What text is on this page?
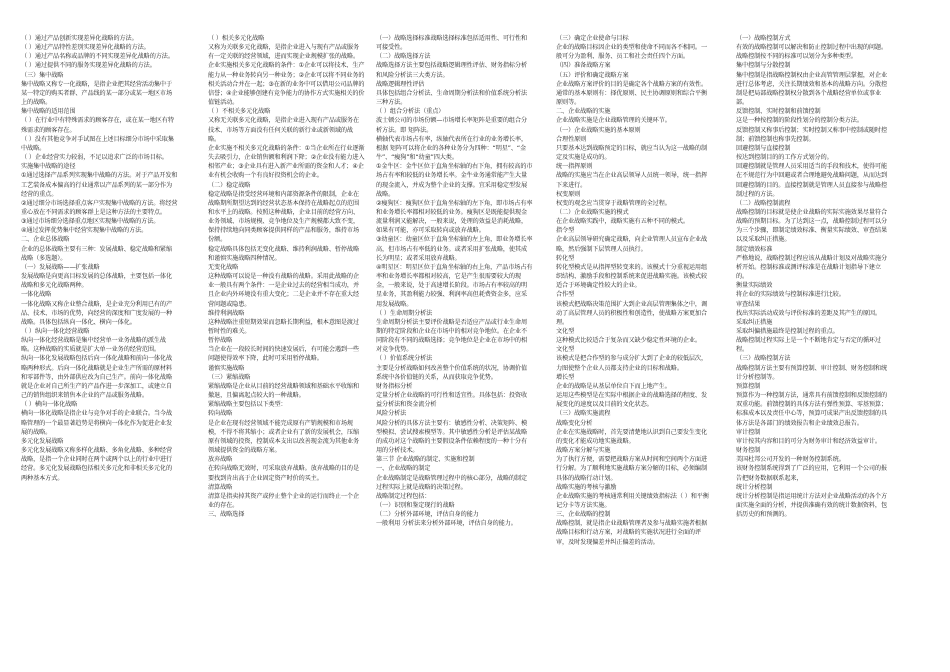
（ ）通过产品创新实现差异化战略的方法。

（ ）通过产品特性差别实现差异化战略的方法。

（ ）通过产品名称或品牌的不同实现差异化战略的方法。

（ ）通过提供不同的服务实现差异化战略的方法。

（三）集中战略

集中战略又称专一化战略，是指企业把其经营活动集中于某一特定的购买者群、产品线的某一部分或某一地区市场上的战略。

集中战略的适用范围

（ ）在行业中有特殊需求的顾客存在，或在某一地区有特殊需求的顾客存在。

（ ）没有其他竞争对手试图在上述目标细分市场中采取集中战略。

（ ）企业经营实力较弱，不足以追求广泛的市场目标。

实施集中战略的途径

①通过选择产品系列实现集中战略的方法。对于产品开发和工艺装备成本偏高的行业通常以产品系列的某一部分作为经营的重点。

②通过细分市场选择重点客户实现集中战略的方法。将经营重心放在不同需求的顾客群上是这种方法的主要特点。

③通过市场细分选择重点地区实现集中战略的方法。

④通过发挥优势集中经营实现集中战略的方法。

二、企业总体战略

企业的总体战略主要有三种：发展战略、稳定战略和紧缩战略（多选题）。

（一）发展战略——扩张战略

发展战略是向更高目标发展的总体战略，主要包括一体化战略和多元化战略两种。

一体化战略

一体化战略又称企业整合战略，是企业充分利用已有的产品、技术、市场的优势，向经营的深度和广度发展的一种战略。具体包括纵向一体化、横向一体化。

（ ）纵向一体化经营战略

纵向一体化经营战略是集中经营单一业务战略的派生战略。这种战略的实质就是扩大单一业务的经营范围。

纵向一体化发展战略包括后向一体化战略和前向一体化战略两种形式。后向一体化战略就是企业生产所需的原材料和零部件等，由外部供应改为自己生产。前向一体化战略就是企业对自己所生产的产品作进一步深加工，或建立自己的销售组织来销售本企业的产品或服务战略。

（ ）横向一体化战略

横向一体化战略是指企业与竞争对手的企业联合。当今战略管理的一个最显著趋势是将横向一体化作为促进企业发展的战略。

多元化发展战略

多元化发展战略又称多样化战略、多角化战略、多种经营战略，是指一个企业同时在两个或两个以上的行业中进行经营。多元化发展战略包括相关多元化和非相关多元化的两种基本方式。

（ ）相关多元化战略

又称为关联多元化战略，是指企业进入与现有产品或服务有一定关联的经营领域，进而实现企业规模扩张的战略。

企业实施相关多元化战略的条件：①企业可以将技术、生产能力从一种业务转向另一种业务；②企业可以将不同业务的相关活动合并在一起；③在新的业务中可以借用公司品牌的信誉；④企业能够创建有竞争能力的协作方式实施相关的价值链活动。

（ ）不相关多元化战略

又称无关联多元化战略，是指企业进入现有产品或服务在技术、市场等方面没有任何关联的新行业或新领域的战略。

企业实施不相关多元化战略的条件：①当企业所在行业逐渐失去吸引力，企业销售额和利润下降；②企业没有能力进入相邻产业；③企业具有进入新产业所需的资金和人才；④企业有机会收购一个有良好投资机会的企业。

（二）稳定战略

稳定战略是指受经营环境和内部资源条件的限制，企业在战略期所期望达到的经营状态基本保持在战略起点的范围和水平上的战略。按照这种战略，企业目前的经营方向、业务领域、市场规模、竞争地位及生产规模都大致不变，保持持续地向同类顾客提供同样的产品和服务，维持市场份额。

稳定战略具体包括无变化战略、维持利润战略、暂停战略和谨慎实施战略四种情况。

无变化战略

这种战略可以说是一种没有战略的战略。采用此战略的企业一般具有两个条件：一是企业过去的经营相当成功，并且企业内外环境没有重大变化；二是企业并不存在重大经营问题或隐患。

维持利润战略

这种战略注重短期效果而忽略长期利益，根本意图是渡过暂时性的难关。

暂停战略

当企业在一段较长时间的快速发展后，有可能会遇到一些问题使得效率下降，此时可采用暂停战略。

谨慎实施战略

（三）紧缩战略

紧缩战略是企业从目前的经营战略领域和基础水平收缩和撤退，且偏离起点较大的一种战略。

紧缩战略主要包括以下类型：

转向战略

是企业在现有经营领域不能完成原有产销规模和市场规模，不得不将其缩小；或者企业有了新的发展机会，压缩原有领域的投资，控制成本支出以改善现金流为其他业务领域提供资金的战略方案。

放弃战略

在转向战略无效时，可采取放弃战略。放弃战略的目的是要找到肯出高于企业固定资产时价的买主。

清算战略

清算是指卖掉其资产或停止整个企业的运行而终止一个企业的存在。

三、战略选择

（一）战略选择标准战略选择标准包括适用性、可行性和可接受性。

（二）战略选择方法

战略选择方法主要包括战略逻辑理性评估、财务指标分析和风险分析法三大类方法。

战略逻辑理性评估

具体包括组合分析法、生命周期分析法和价值系统分析法三种方法。

（ ）组合分析法（重点）

波士顿公司的市场份额—市场增长率矩阵是重要的组合分析方法。即 矩阵法。

横轴代表市场占有率，纵轴代表所在行业的业务增长率，根据 矩阵可以将企业的各种业务分为四种：“明星”、“金牛”、“瘦狗”和“幼童”四大类。

①金牛区：金牛区位于直角坐标轴的右下角，拥有较高的市场占有率和较低的业务增长率。金牛业务通常能产生大量的现金流入，并成为整个企业的支撑。宜采用稳定型发展战略。

②瘦狗区：瘦狗区位于直角坐标轴的左下角，即市场占有率和业务增长率都相对较低的业务。瘦狗区是既能提供现金流量利润又能解决，一般来说，处理的效益是消耗战略，如果有可能，亦可采取转向或放弃战略。

③幼童区：幼童区位于直角坐标轴的左上角，即业务增长率高，但市场占有率低的业务。或者采用扩张战略，使其成长为明星；或者采用放弃战略。

④明星区：明星区位于直角坐标轴的右上角，产品市场占有率和业务增长率都相对较高，它是产生很需要较大的现金，一般来说，处于高速增长阶段。市场占有率较高的明星业务，其盈利能力较强、利润率高但耗费资金多，应采用发展战略。

（ ）生命周期分析法

生命周期分析法主要评价战略是否适应产品或行业生命周期的特定阶段和企业在市场中的相对竞争地位。在企业不同阶段有不同的战略选择；竞争地位是企业在市场中的相对竞争优势。

（ ）价值系统分析法

主要是分析战略如何改善整个价值系统的状况，协调价值系统中各价值链的关系，从而获取竞争优势。

财务指标分析

定量分析企业战略的可行性和适宜性。具体包括：投资收益分析法和资金流分析

风险分析法

风险分析的具体方法主要有：敏感性分析、决策矩阵、模型模拟、尝试搜索模型等。其中敏感性分析是评估某战略的成功对这个战略的主要假设条件依赖程度的一种十分有用的分析技术。

第三节 企业战略的制定、实施和控制

一、企业战略的制定

企业战略制定是战略管理过程中的核心部分，战略的制定过程实际上就是战略的决策过程。

战略制定过程包括：

（一）识别和鉴定现行的战略

（二）分析外部环境，评估自身的能力

一般利用 分析法来分析外部环境，评估自身的能力。

（三）确定企业使命与目标

企业的战略目标因企业的类型和使命不同而各不相同。一般可分为盈利、服务、员工和社会责任四个方面。

（四）准备战略方案

（五）评价和确定战略方案

企业战略方案评价的目的是确定各个战略方案的有效性。通常的基本原则有：择优原则、民主协调原则和综合平衡原则等。

二、企业战略的实施

企业战略实施是企业战略管理的关键环节。

（一）企业战略实施的基本原则

合理性原则

只要基本达到战略预定的目标，就应当认为这一战略的制定及实施是成功的。

统一指挥原则

战略的实施应当在企业高层领导人员统一领导，统一指挥下来进行。

权变原则

权变的观念应当贯穿于战略管理的全过程。

（二）企业战略实施的模式

在企业战略实践中，战略实施有五种不同的模式。

指令型

企业高层领导研究确定战略，向企业管理人员宣布企业战略，然后强制下层管理人员执行。

转化型

转化型模式是从指挥型转变来的。该模式十分重视运用组织结构、激励手段和控制系统来促进战略实施。该模式较适合于环境确定性较大的企业。

合作型

该模式把战略决策范围扩大到企业高层管理集体之中，调动了高层管理人员的积极性和创造性，使战略方案更加合理。

文化型

这种模式比较适合于复杂而又缺少稳定性环境的企业。

文化型

该模式是把合作型的参与成分扩大到了企业的较低层次，力图使整个企业人员都支持企业的目标和战略。

增长型

企业的战略是从基层单位自下而上地产生。

运用这些模型是在实际中根据企业的战略选择的程度、发展变化的速度以及目前的文化状态。

（三）战略实施流程

战略变化分析

企业在实施战略时，首先要清楚地认识到自己要发生变化的变化才能成功地实施战略。

战略方案分解与实施

为了执行方便，需要把战略方案从时间和空间两个方面进行分解。为了顺利地实施战略方案分解的目标，必须编制具体的战略行动计划。

战略实施的考核与激励

企业战略实施的考核通常利用关键绩效指标法（ ）和平衡记分卡等方法实施。

三、企业战略的控制

战略控制，就是指企业战略管理者及参与战略实施者根据战略目标和行动方案，对战略的实施状况进行全面的评审，及时发现偏差并纠正偏差的活动。

（一）战略控制方式

有效的战略控制可以解决和防止控制过程中出现的问题。战略控制按不同的标准可以划分为多种类型。

集中控制与分散控制

集中控制是指战略控制权由企业高管管理层掌握，对企业进行总体考虑，关注长期绩效和基本的战略方向。分散控制是把局部战略控制权分散到各个战略经营单位或事业部。

反馈控制、实时控制和前馈控制

这是一种按控制的阶段性划分的控制分类方法。

反馈控制又称事后控制；实时控制又称事中控制或随时控制；前馈控制也称事先控制。

回避控制与直接控制

按达到控制目的的工作方式划分的。

回避控制就是管理人员采用适当的手段和技术，使得可能在不规范行为中回避或者合理地避免战略问题，从而达到回避控制的目的。直接控制就是管理人员直接参与战略控制过程的方法。

（二）战略控制流程

战略控制的目标就是使企业战略的实际实施效果尽量符合战略的预期目标。为了达到这一点，战略控制过程可以分为三个步骤，即制定绩效标准、衡量实际绩效、审查结果以及采取纠正措施。

制定绩效标准

严格地说，战略控制过程应该从战略计划及对战略实施分析开始。控制标准或测评标准是在战略计划指导下建立的。

衡量实际绩效

将企业的实际绩效与控制标准进行比较。

审查结果

找出实际活动成效与评价标准的差距及其产生的原因。

采取纠正措施

采取纠偏措施最终是控制过程的重点。

战略控制过程实际上是一个不断地肯定与否定的循环过程。

（三）战略控制方法

战略控制方法主要有预算控制、审计控制、财务控制和统计分析控制等。

预算控制

预算作为一种控制方法，通常具有前馈控制和反馈控制的双重功能。前馈控制的具体方法有弹性预算、零基预算；标准成本以及责任中心等，预算可成果产出反馈控制的具体方法是各部门的绩效报告和企业绩效总报告。

审计控制

审计按其内容和目的可分为财务审计和经济效益审计。

财务控制

美国杜邦公司开发的一种财务控制系统。

该财务控制系统得到了广泛的应用，它利用一个公司的报告把财务数据联系起来，

统计分析控制

统计分析控制是指运用统计方法对企业战略活动的各个方面实施全面的分析，并提供准确有效的统计数据资料，包括历史的和预测的。
